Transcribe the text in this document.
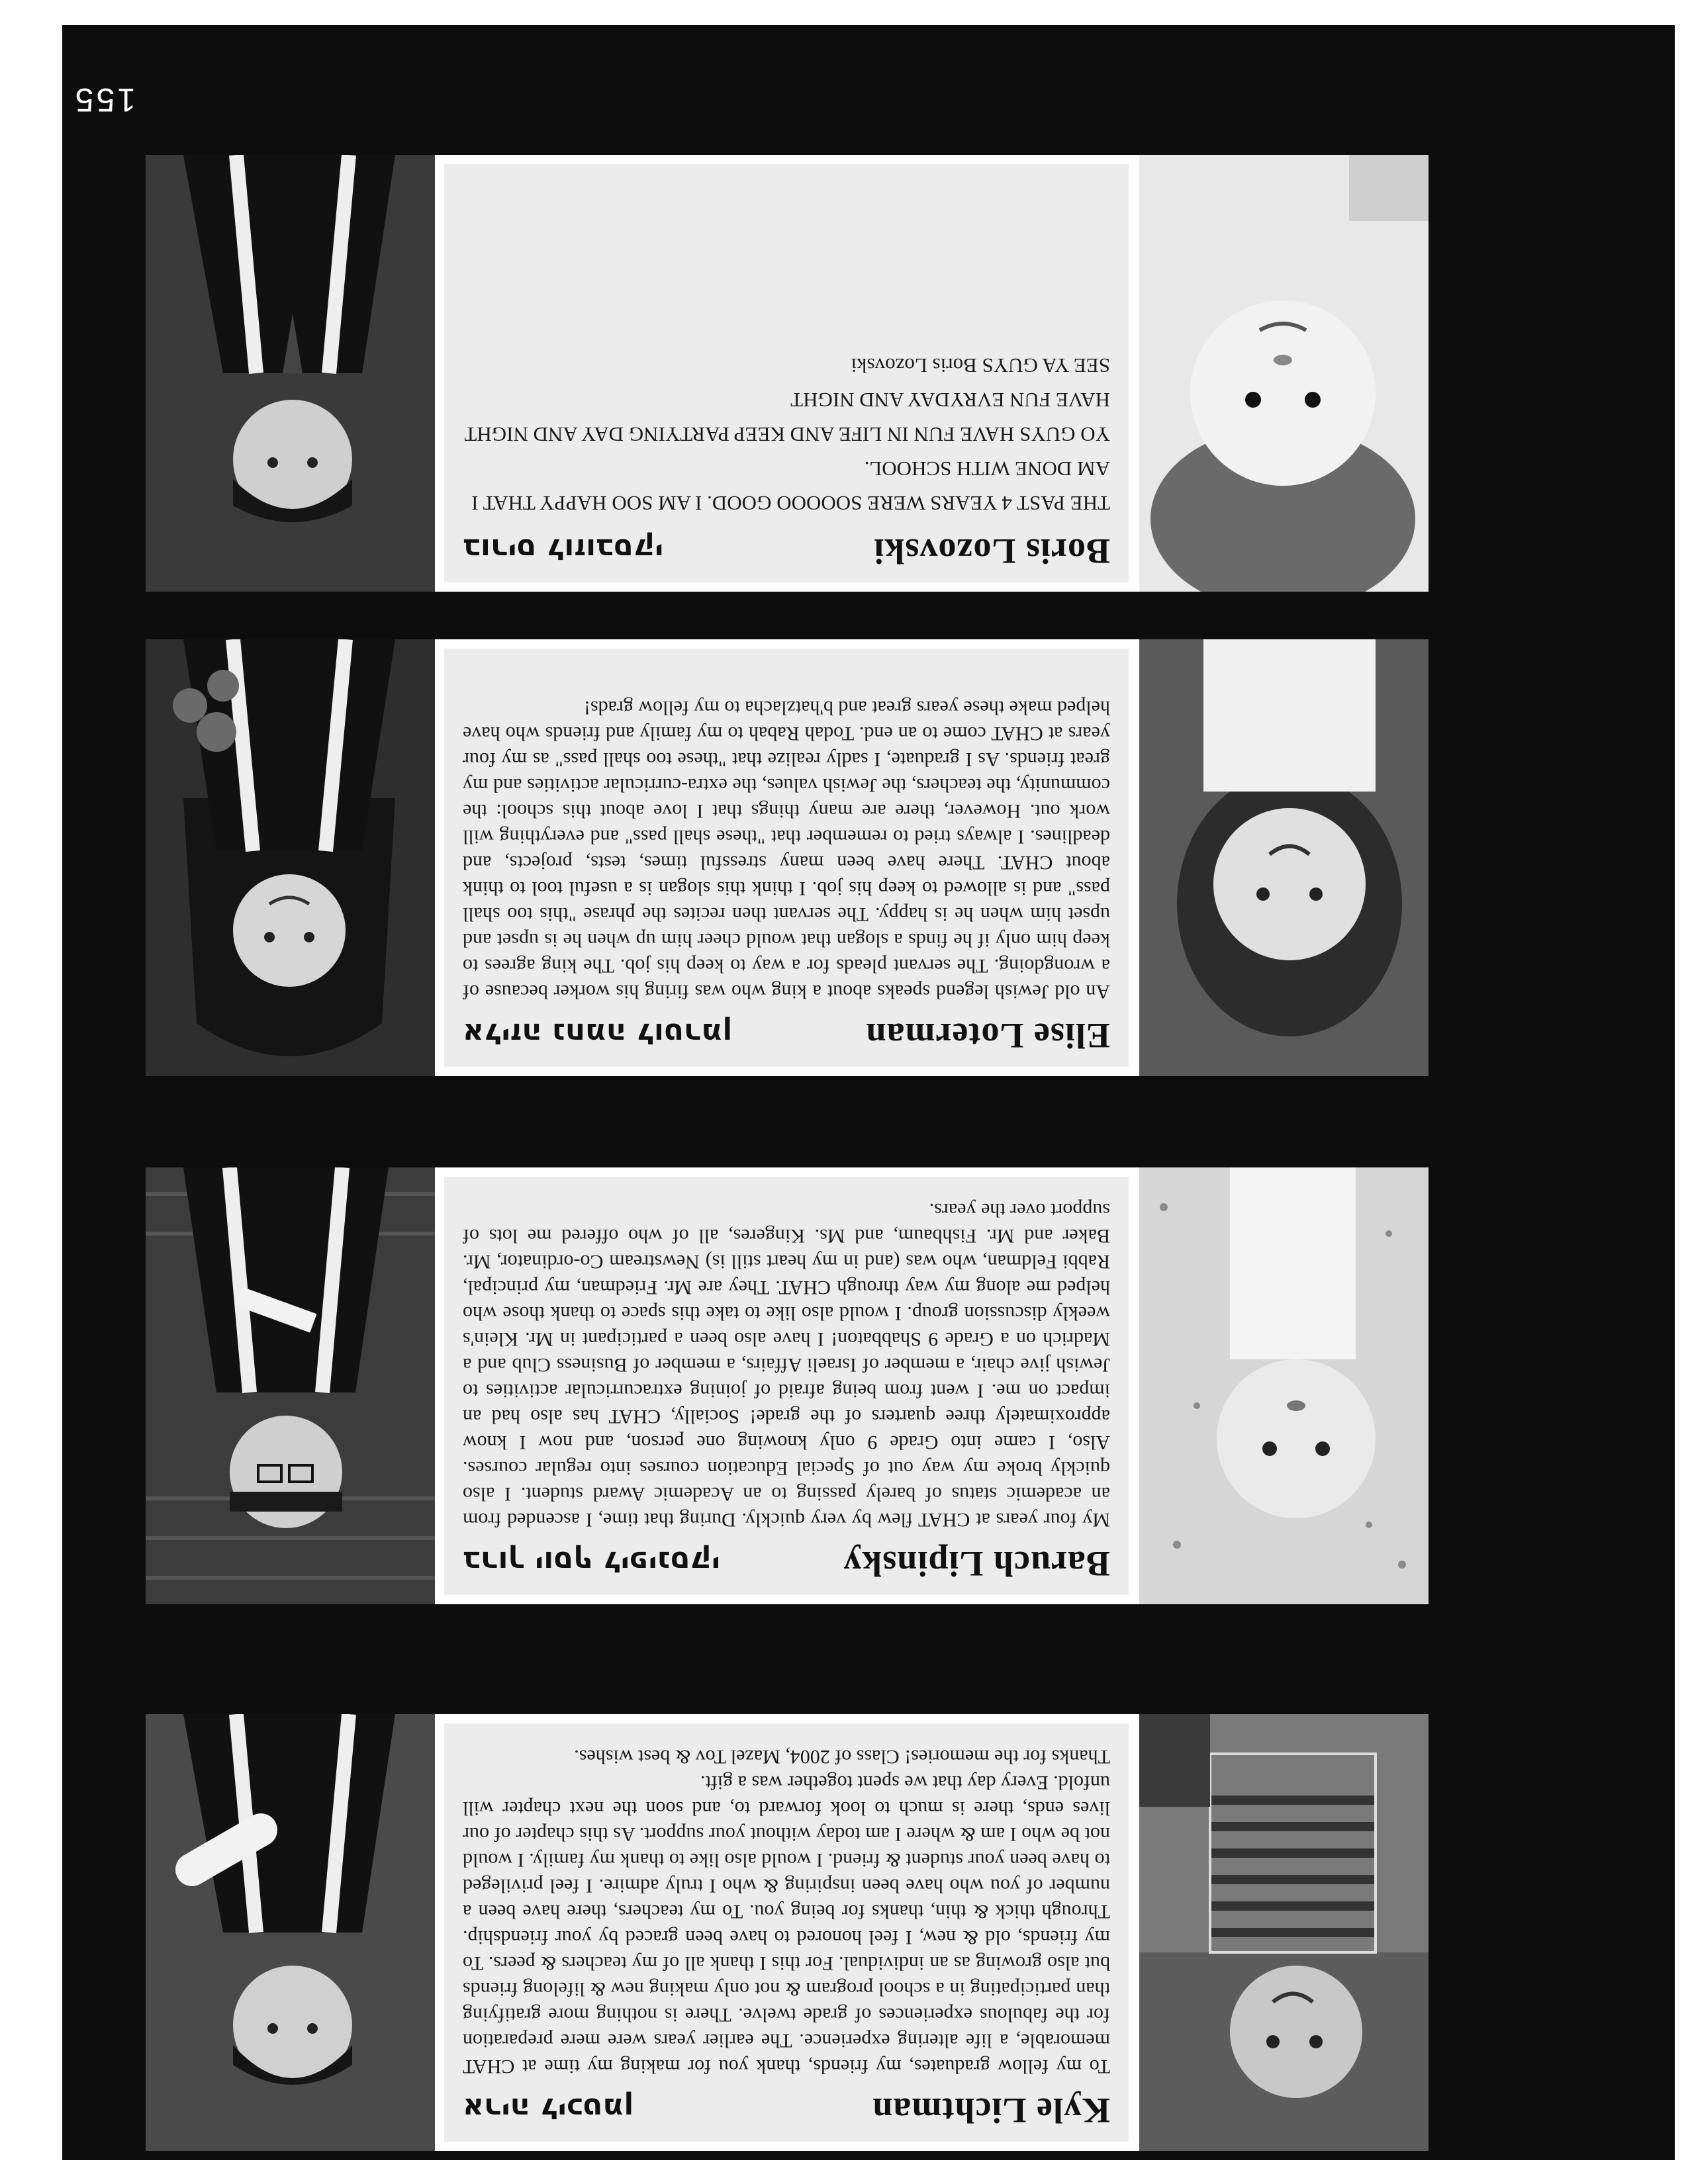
155
Kyle Lichtman
אריה ליכטמן

To my fellow graduates, my friends, thank you for making my time at CHAT memorable, a life altering experience. The earlier years were mere preparation for the fabulous experiences of grade twelve. There is nothing more gratifying than participating in a school program & not only making new & lifelong friends but also growing as an individual. For this I thank all of my teachers & peers. To my friends, old & new, I feel honored to have been graced by your friendship. Through thick & thin, thanks for being you. To my teachers, there have been a number of you who have been inspiring & who I truly admire. I feel privileged to have been your student & friend. I would also like to thank my family. I would not be who I am & where I am today without your support. As this chapter of our lives ends, there is much to look forward to, and soon the next chapter will unfold. Every day that we spent together was a gift.
Thanks for the memories! Class of 2004, Mazel Tov & best wishes.

Baruch Lipinsky
ברוך יוסף ליפינסקי

My four years at CHAT flew by very quickly. During that time, I ascended from an academic status of barely passing to an Academic Award student. I also quickly broke my way out of Special Education courses into regular courses. Also, I came into Grade 9 only knowing one person, and now I know approximately three quarters of the grade! Socially, CHAT has also had an impact on me. I went from being afraid of joining extracurricular activities to Jewish jive chair, a member of Israeli Affairs, a member of Business Club and a Madrich on a Grade 9 Shabbaton! I have also been a participant in Mr. Klein's weekly discussion group. I would also like to take this space to thank those who helped me along my way through CHAT. They are Mr. Friedman, my principal, Rabbi Feldman, who was (and in my heart still is) Newstream Co-ordinator, Mr. Baker and Mr. Fishbaum, and Ms. Kingeres, all of who offered me lots of support over the years.

Elise Loterman
אליזה נחמה לוטרמן

An old Jewish legend speaks about a king who was firing his worker because of a wrongdoing. The servant pleads for a way to keep his job. The king agrees to keep him only if he finds a slogan that would cheer him up when he is upset and upset him when he is happy. The servant then recites the phrase "this too shall pass" and is allowed to keep his job. I think this slogan is a useful tool to think about CHAT. There have been many stressful times, tests, projects, and deadlines. I always tried to remember that "these shall pass" and everything will work out. However, there are many things that I love about this school: the community, the teachers, the Jewish values, the extra-curricular activities and my great friends. As I graduate, I sadly realize that "these too shall pass" as my four years at CHAT come to an end. Todah Rabah to my family and friends who have helped make these years great and b'hatzlacha to my fellow grads!

Boris Lozovski
בוריס לוזובסקי

THE PAST 4 YEARS WERE SOOOOO GOOD. I AM SOO HAPPY THAT I AM DONE WITH SCHOOL.
YO GUYS HAVE FUN IN LIFE AND KEEP PARTYING DAY AND NIGHT
HAVE FUN EVRYDAY AND NIGHT
SEE YA GUYS Boris Lozovski
